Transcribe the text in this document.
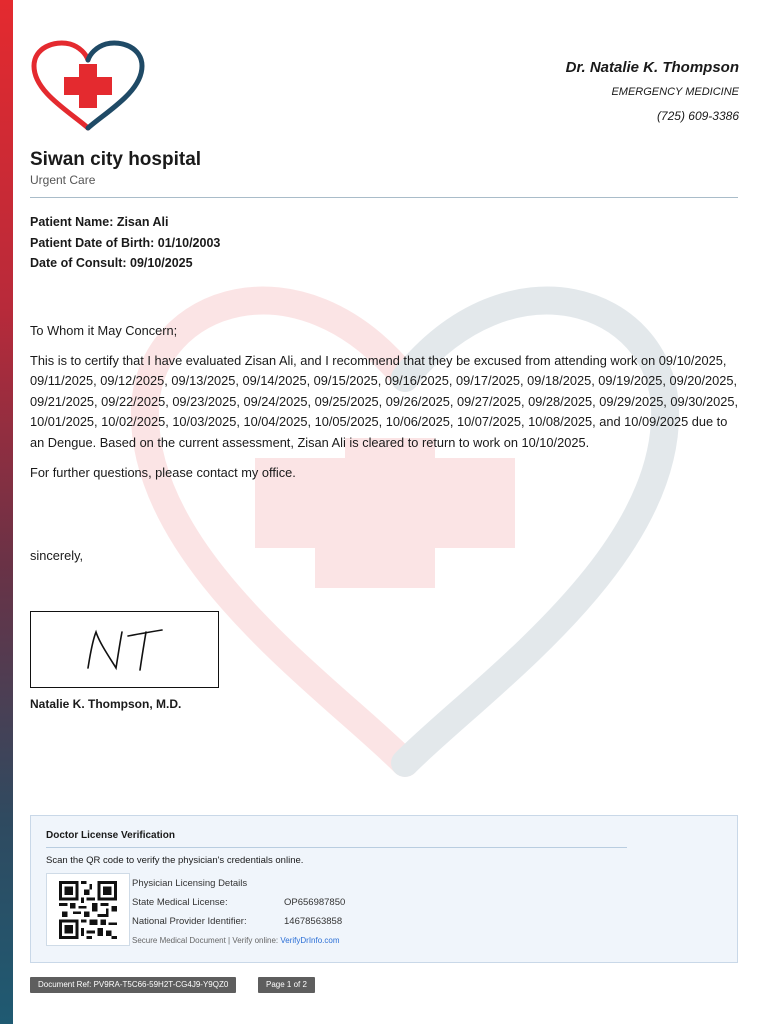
Dr. Natalie K. Thompson
EMERGENCY MEDICINE
(725) 609-3386
Siwan city hospital
Urgent Care
Patient Name: Zisan Ali
Patient Date of Birth: 01/10/2003
Date of Consult: 09/10/2025

To Whom it May Concern;

This is to certify that I have evaluated Zisan Ali, and I recommend that they be excused from attending work on 09/10/2025, 09/11/2025, 09/12/2025, 09/13/2025, 09/14/2025, 09/15/2025, 09/16/2025, 09/17/2025, 09/18/2025, 09/19/2025, 09/20/2025, 09/21/2025, 09/22/2025, 09/23/2025, 09/24/2025, 09/25/2025, 09/26/2025, 09/27/2025, 09/28/2025, 09/29/2025, 09/30/2025, 10/01/2025, 10/02/2025, 10/03/2025, 10/04/2025, 10/05/2025, 10/06/2025, 10/07/2025, 10/08/2025, and 10/09/2025 due to an Dengue. Based on the current assessment, Zisan Ali is cleared to return to work on 10/10/2025.

For further questions, please contact my office.

sincerely,
Natalie K. Thompson, M.D.
Doctor License Verification
Scan the QR code to verify the physician's credentials online.
Physician Licensing Details
State Medical License:	OP656987850
National Provider Identifier:	14678563858
Secure Medical Document | Verify online: VerifyDrInfo.com
Document Ref: PV9RA-T5C66-59H2T-CG4J9-Y9QZ0	Page 1 of 2
